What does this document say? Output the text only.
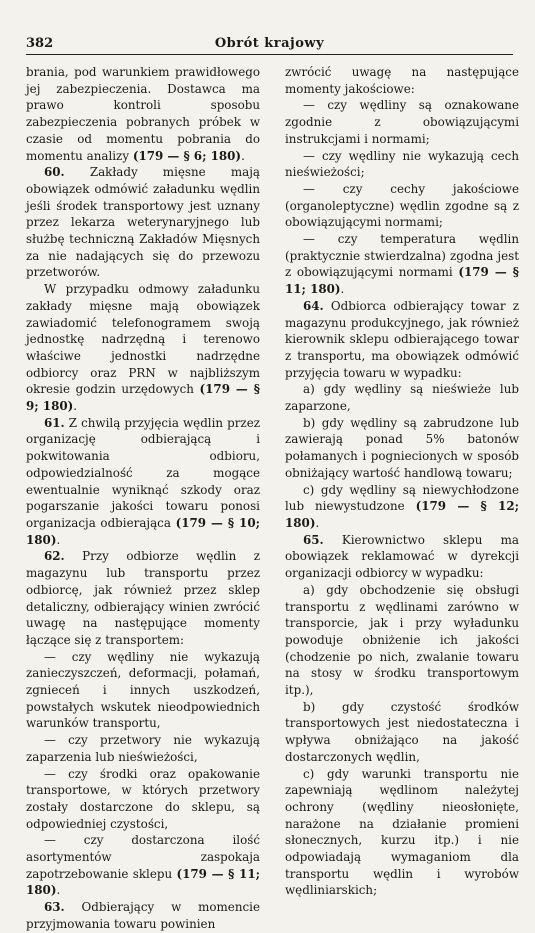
382	Obrót krajowy

brania, pod warunkiem prawidłowego jej zabezpieczenia. Dostawca ma prawo kontroli sposobu zabezpieczenia pobranych próbek w czasie od momentu pobrania do momentu analizy (179 — § 6; 180).

60. Zakłady mięsne mają obowiązek odmówić załadunku wędlin jeśli środek transportowy jest uznany przez lekarza weterynaryjnego lub służbę techniczną Zakładów Mięsnych za nie nadających się do przewozu przetworów.

W przypadku odmowy załadunku zakłady mięsne mają obowiązek zawiadomić telefonogramem swoją jednostkę nadrzędną i terenowo właściwe jednostki nadrzędne odbiorcy oraz PRN w najbliższym okresie godzin urzędowych (179 — § 9; 180).

61. Z chwilą przyjęcia wędlin przez organizację odbierającą i pokwitowania odbioru, odpowiedzialność za mogące ewentualnie wyniknąć szkody oraz pogarszanie jakości towaru ponosi organizacja odbierająca (179 — § 10; 180).

62. Przy odbiorze wędlin z magazynu lub transportu przez odbiorcę, jak również przez sklep detaliczny, odbierający winien zwrócić uwagę na następujące momenty łączące się z transportem:

— czy wędliny nie wykazują zanieczyszczeń, deformacji, połamań, zgnieceń i innych uszkodzeń, powstałych wskutek nieodpowiednich warunków transportu,

— czy przetwory nie wykazują zaparzenia lub nieświeżości,

— czy środki oraz opakowanie transportowe, w których przetwory zostały dostarczone do sklepu, są odpowiedniej czystości,

— czy dostarczona ilość asortymentów zaspokaja zapotrzebowanie sklepu (179 — § 11; 180).

63. Odbierający w momencie przyjmowania towaru powinien

zwrócić uwagę na następujące momenty jakościowe:

— czy wędliny są oznakowane zgodnie z obowiązującymi instrukcjami i normami;

— czy wędliny nie wykazują cech nieświeżości;

— czy cechy jakościowe (organoleptyczne) wędlin zgodne są z obowiązującymi normami;

— czy temperatura wędlin (praktycznie stwierdzalna) zgodna jest z obowiązującymi normami (179 — § 11; 180).

64. Odbiorca odbierający towar z magazynu produkcyjnego, jak również kierownik sklepu odbierającego towar z transportu, ma obowiązek odmówić przyjęcia towaru w wypadku:

a) gdy wędliny są nieświeże lub zaparzone,

b) gdy wędliny są zabrudzone lub zawierają ponad 5% batonów połamanych i pogniecionych w sposób obniżający wartość handlową towaru;

c) gdy wędliny są niewychłodzone lub niewystudzone (179 — § 12; 180).

65. Kierownictwo sklepu ma obowiązek reklamować w dyrekcji organizacji odbiorcy w wypadku:

a) gdy obchodzenie się obsługi transportu z wędlinami zarówno w transporcie, jak i przy wyładunku powoduje obniżenie ich jakości (chodzenie po nich, zwalanie towaru na stosy w środku transportowym itp.),

b) gdy czystość środków transportowych jest niedostateczna i wpływa obniżająco na jakość dostarczonych wędlin,

c) gdy warunki transportu nie zapewniają wędlinom należytej ochrony (wędliny nieosłonięte, narażone na działanie promieni słonecznych, kurzu itp.) i nie odpowiadają wymaganiom dla transportu wędlin i wyrobów wędliniarskich;
